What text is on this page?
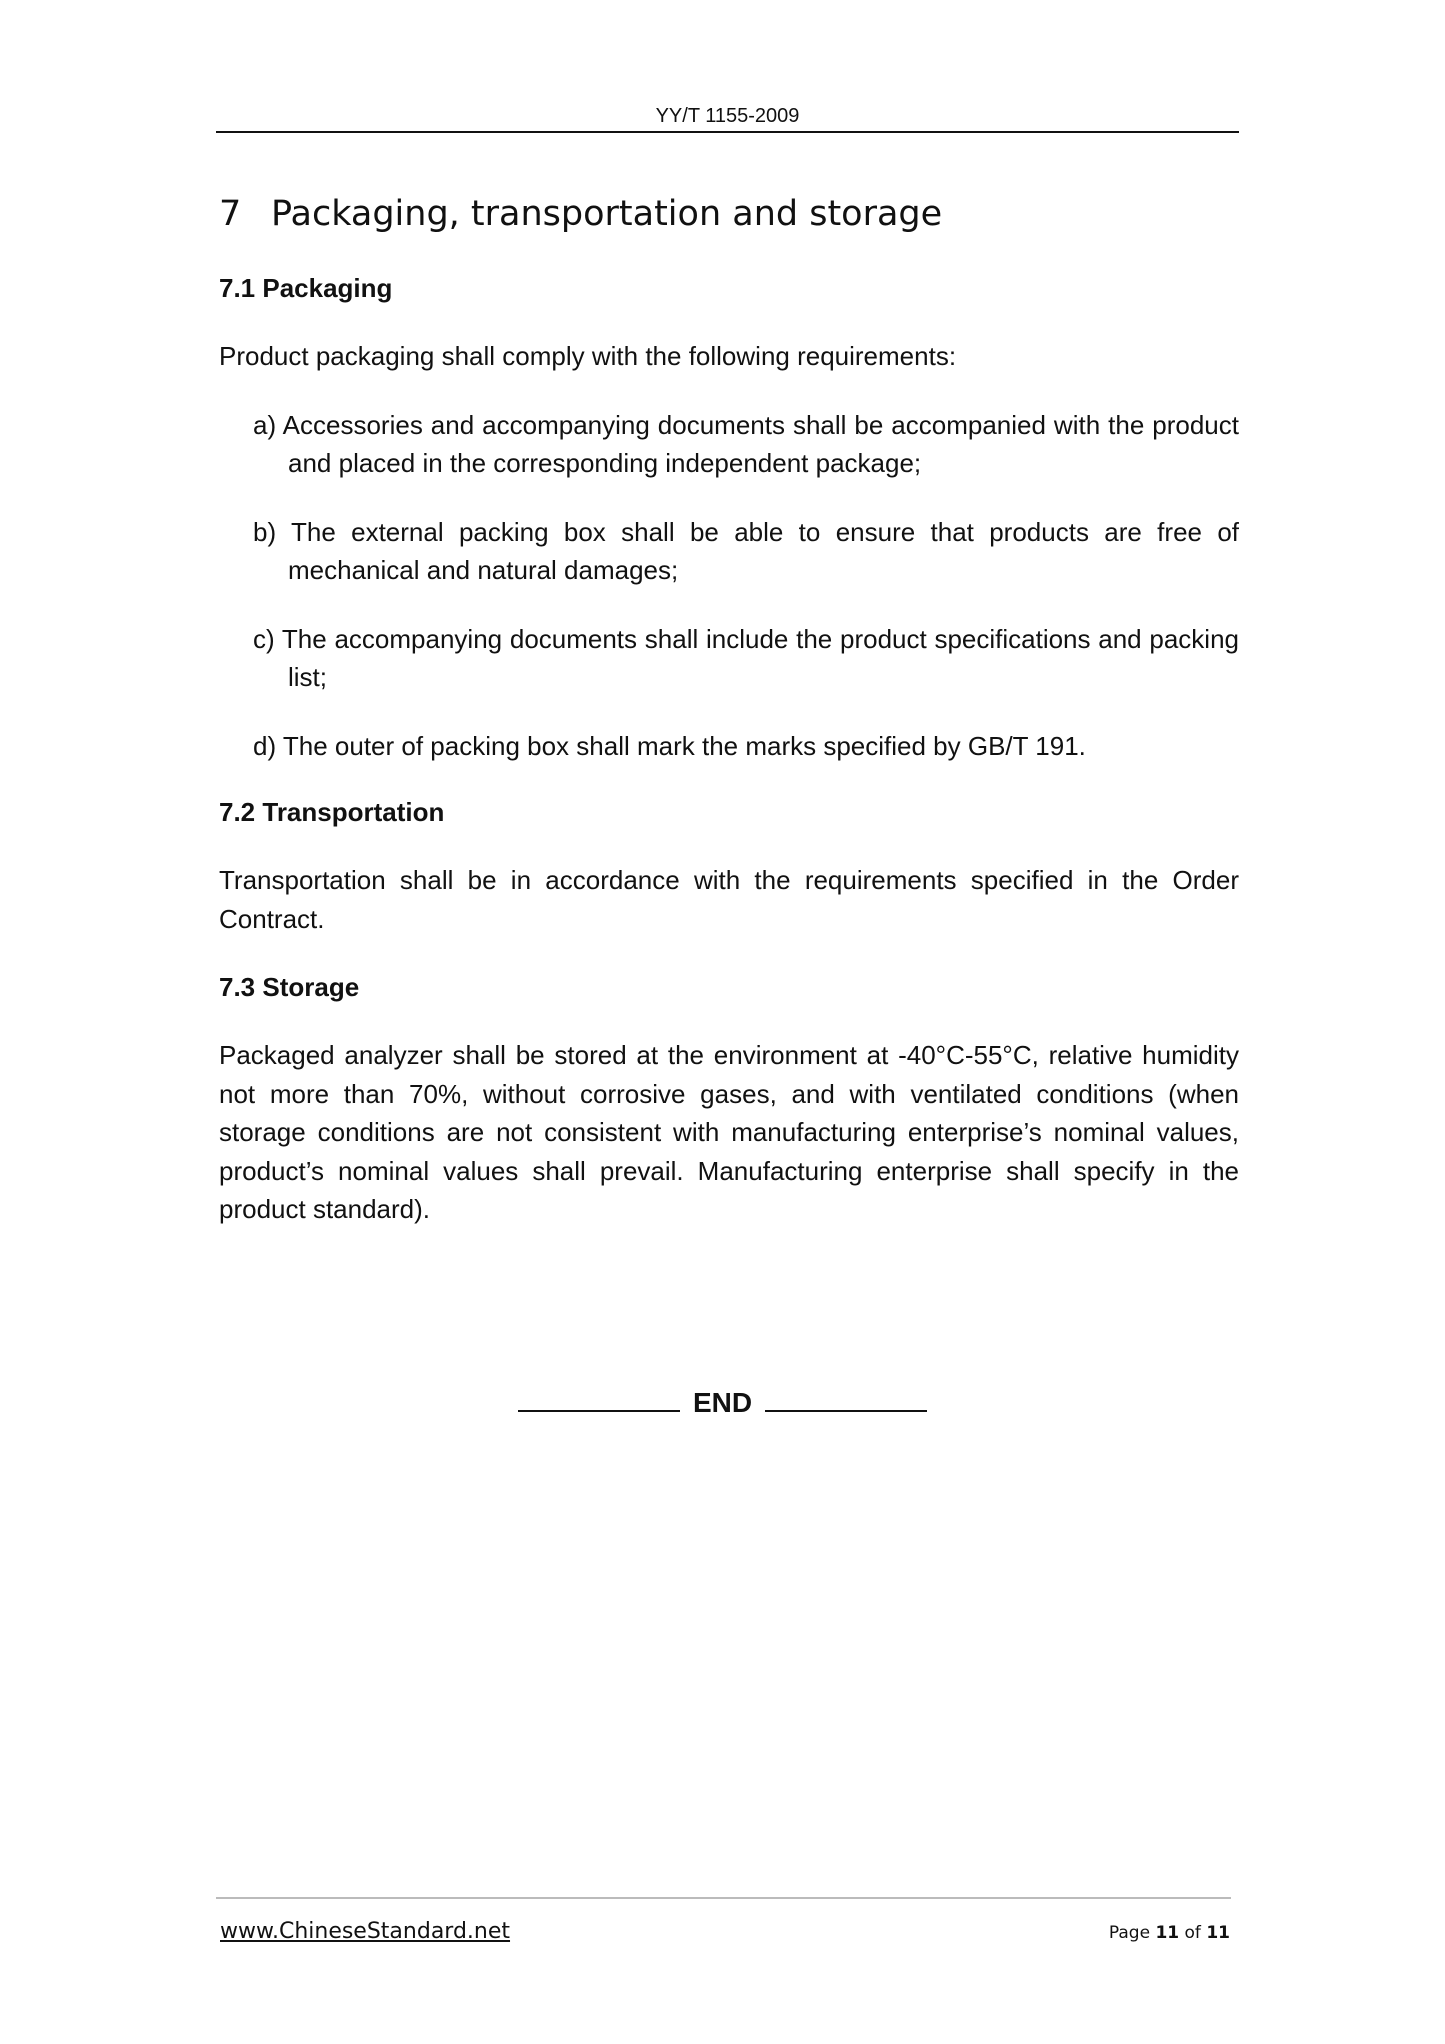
YY/T 1155-2009
7 Packaging, transportation and storage
7.1 Packaging
Product packaging shall comply with the following requirements:
a) Accessories and accompanying documents shall be accompanied with the product and placed in the corresponding independent package;
b) The external packing box shall be able to ensure that products are free of mechanical and natural damages;
c) The accompanying documents shall include the product specifications and packing list;
d) The outer of packing box shall mark the marks specified by GB/T 191.
7.2 Transportation
Transportation shall be in accordance with the requirements specified in the Order Contract.
7.3 Storage
Packaged analyzer shall be stored at the environment at -40°C-55°C, relative humidity not more than 70%, without corrosive gases, and with ventilated conditions (when storage conditions are not consistent with manufacturing enterprise’s nominal values, product’s nominal values shall prevail. Manufacturing enterprise shall specify in the product standard).
END
www.ChineseStandard.net	Page 11 of 11
